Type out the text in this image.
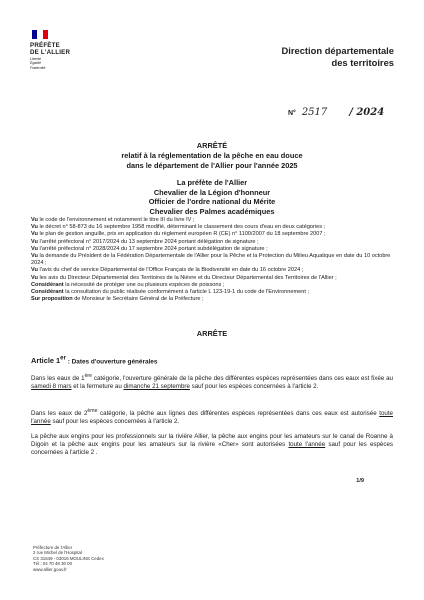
PRÉFÈTE
DE L'ALLIER
Liberté
Égalité
Fraternité
Direction départementale
des territoires
N° 2517 / 2024
ARRÊTÉ
relatif à la réglementation de la pêche en eau douce
dans le département de l'Allier pour l'année 2025
La préfète de l'Allier
Chevalier de la Légion d'honneur
Officier de l'ordre national du Mérite
Chevalier des Palmes académiques

Vu le code de l'environnement et notamment le titre III du livre IV ;

Vu le décret n° 58-873 du 16 septembre 1958 modifié, déterminant le classement des cours d'eau en deux catégories ;

Vu le plan de gestion anguille, pris en application du règlement européen R (CE) n° 1100/2007 du 18 septembre 2007 ;

Vu l'arrêté préfectoral n° 2017/2024 du 13 septembre 2024 portant délégation de signature ;

Vu l'arrêté préfectoral n° 2028/2024 du 17 septembre 2024 portant subdélégation de signature ;

Vu la demande du Président de la Fédération Départementale de l'Allier pour la Pêche et la Protection du Milieu Aquatique en date du 10 octobre 2024 ;

Vu l'avis du chef de service Départemental de l'Office Français de la Biodiversité en date du 16 octobre 2024 ;

Vu les avis du Directeur Départemental des Territoires de la Nièvre et du Directeur Départemental des Territoires de l'Allier ;

Considérant la nécessité de protéger une ou plusieurs espèces de poissons ;

Considérant la consultation du public réalisée conformément à l'article L 123-19-1 du code de l'Environnement ;

Sur proposition de Monsieur le Secrétaire Général de la Préfecture ;

ARRÊTE
Article 1er : Dates d'ouverture générales
Dans les eaux de 1ère catégorie, l'ouverture générale de la pêche des différentes espèces représentées dans ces eaux est fixée au samedi 8 mars et la fermeture au dimanche 21 septembre sauf pour les espèces concernées à l'article 2.
Dans les eaux de 2ème catégorie, la pêche aux lignes des différentes espèces représentées dans ces eaux est autorisée toute l'année sauf pour les espèces concernées à l'article 2.
La pêche aux engins pour les professionnels sur la rivière Allier, la pêche aux engins pour les amateurs sur le canal de Roanne à Digoin et la pêche aux engins pour les amateurs sur la rivière «Cher» sont autorisées toute l'année sauf pour les espèces concernées à l'article 2 .
1/9
Préfecture de l'Allier
2 rue Michel de l'Hospital
CS 31649 - 03016 MOULINS Cedex
Tél : 04 70 48 30 00
www.allier.gouv.fr
